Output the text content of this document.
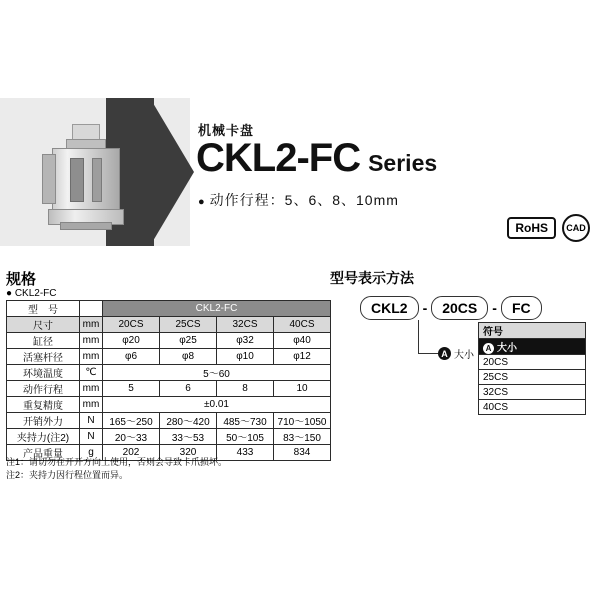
机械卡盘
CKL2-FC Series
● 动作行程：5、6、8、10mm
RoHS	CAD
规格
● CKL2-FC
型　号		CKL2-FC			
尺寸	mm	20CS	25CS	32CS	40CS
缸径	mm	φ20	φ25	φ32	φ40
活塞杆径	mm	φ6	φ8	φ10	φ12
环境温度	℃	5～60			
动作行程	mm	5	6	8	10
重复精度	mm	±0.01			
开销外力	N	165～250	280～420	485～730	710～1050
夹持力(注2)	N	20～33	33～53	50～105	83～150
产品重量	g	202	320	433	834
注1：请切勿在开开方向上使用，否则会导致卡爪损坏。
注2：夹持力因行程位置而异。
型号表示方法
CKL2	-	20CS	-	FC
A 大小
符号
A 大小
20CS
25CS
32CS
40CS
